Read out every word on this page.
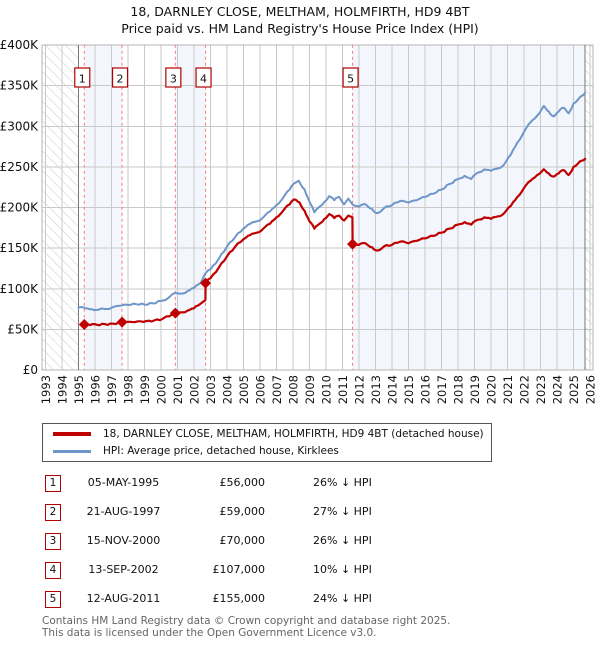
18, DARNLEY CLOSE, MELTHAM, HOLMFIRTH, HD9 4BT
Price paid vs. HM Land Registry's House Price Index (HPI)
1	2	3 4	5
£0
£50K
£100K
£150K
£200K
£250K
£300K
£350K
£400K
1993 1994 1995 1996 1997 1998 1999 2000 2001 2002 2003 2004 2005 2006 2007 2008 2009 2010 2011 2012 2013 2014 2015 2016 2017 2018 2019 2020 2021 2022 2023 2024 2025 2026
18, DARNLEY CLOSE, MELTHAM, HOLMFIRTH, HD9 4BT (detached house)
HPI: Average price, detached house, Kirklees
1	05-MAY-1995	£56,000	26% ↓ HPI
2	21-AUG-1997	£59,000	27% ↓ HPI
3	15-NOV-2000	£70,000	26% ↓ HPI
4	13-SEP-2002	£107,000	10% ↓ HPI
5	12-AUG-2011	£155,000	24% ↓ HPI
Contains HM Land Registry data © Crown copyright and database right 2025.
This data is licensed under the Open Government Licence v3.0.
